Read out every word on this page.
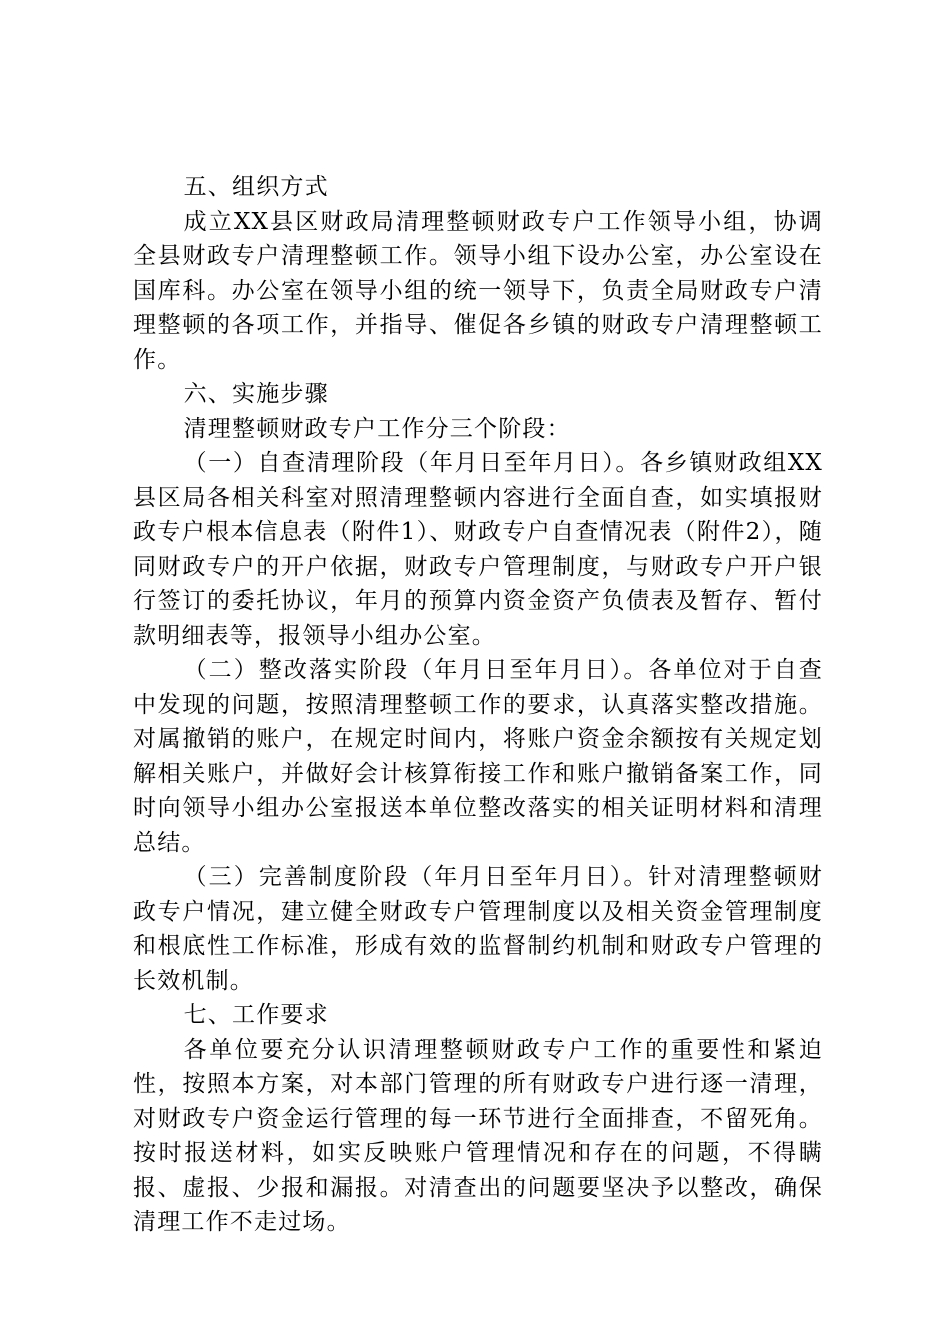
五、组织方式

成立XX县区财政局清理整顿财政专户工作领导小组，协调全县财政专户清理整顿工作。领导小组下设办公室，办公室设在国库科。办公室在领导小组的统一领导下，负责全局财政专户清理整顿的各项工作，并指导、催促各乡镇的财政专户清理整顿工作。

六、实施步骤

清理整顿财政专户工作分三个阶段：

（一）自查清理阶段（年月日至年月日）。各乡镇财政组XX县区局各相关科室对照清理整顿内容进行全面自查，如实填报财政专户根本信息表（附件1）、财政专户自查情况表（附件2），随同财政专户的开户依据，财政专户管理制度，与财政专户开户银行签订的委托协议，年月的预算内资金资产负债表及暂存、暂付款明细表等，报领导小组办公室。

（二）整改落实阶段（年月日至年月日）。各单位对于自查中发现的问题，按照清理整顿工作的要求，认真落实整改措施。对属撤销的账户，在规定时间内，将账户资金余额按有关规定划解相关账户，并做好会计核算衔接工作和账户撤销备案工作，同时向领导小组办公室报送本单位整改落实的相关证明材料和清理总结。

（三）完善制度阶段（年月日至年月日）。针对清理整顿财政专户情况，建立健全财政专户管理制度以及相关资金管理制度和根底性工作标准，形成有效的监督制约机制和财政专户管理的长效机制。

七、工作要求

各单位要充分认识清理整顿财政专户工作的重要性和紧迫性，按照本方案，对本部门管理的所有财政专户进行逐一清理，对财政专户资金运行管理的每一环节进行全面排查，不留死角。按时报送材料，如实反映账户管理情况和存在的问题，不得瞒报、虚报、少报和漏报。对清查出的问题要坚决予以整改，确保清理工作不走过场。
